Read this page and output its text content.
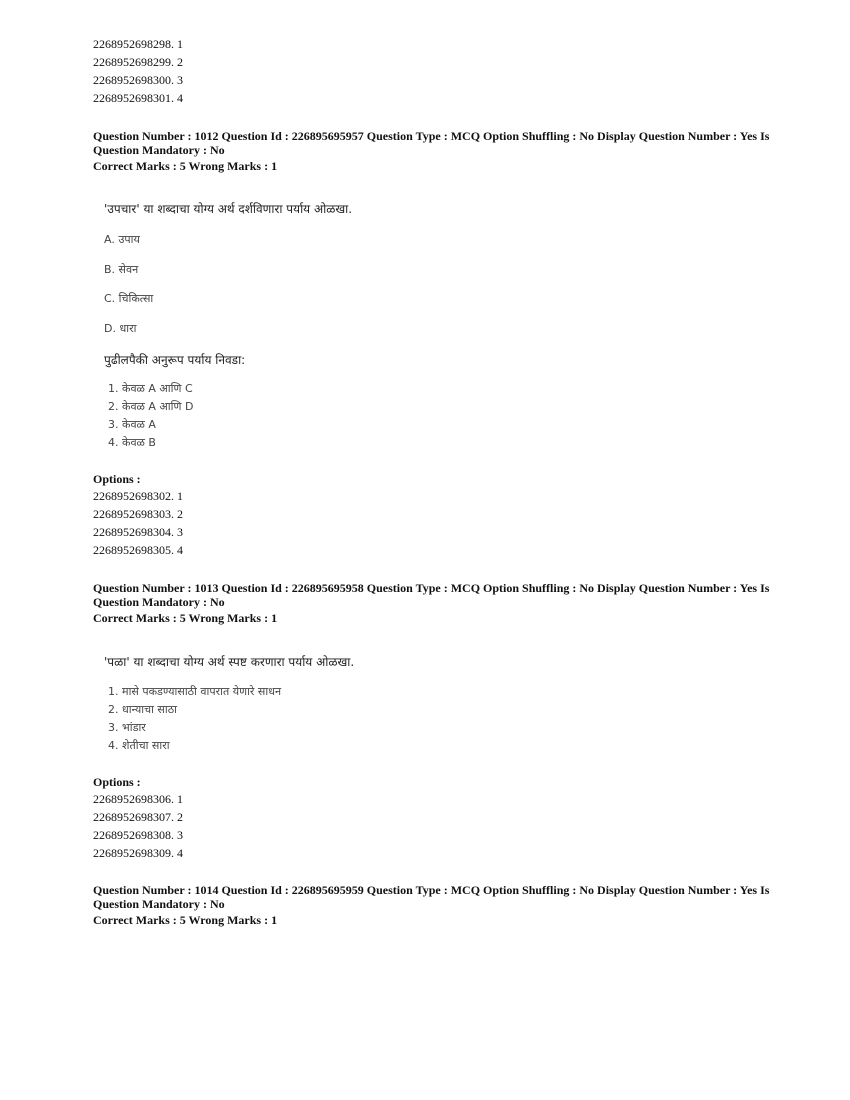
2268952698298. 1
2268952698299. 2
2268952698300. 3
2268952698301. 4
Question Number : 1012 Question Id : 226895695957 Question Type : MCQ Option Shuffling : No Display Question Number : Yes Is Question Mandatory : No
Correct Marks : 5 Wrong Marks : 1
'उपचार' या शब्दाचा योग्य अर्थ दर्शविणारा पर्याय ओळखा.
A. उपाय
B. सेवन
C. चिकित्सा
D. धारा
पुढीलपैकी अनुरूप पर्याय निवडा:
1. केवळ A आणि C
2. केवळ A आणि D
3. केवळ A
4. केवळ B
Options :
2268952698302. 1
2268952698303. 2
2268952698304. 3
2268952698305. 4
Question Number : 1013 Question Id : 226895695958 Question Type : MCQ Option Shuffling : No Display Question Number : Yes Is Question Mandatory : No
Correct Marks : 5 Wrong Marks : 1
'पळा' या शब्दाचा योग्य अर्थ स्पष्ट करणारा पर्याय ओळखा.
1. मासे पकडण्यासाठी वापरात येणारे साधन
2. धान्याचा साठा
3. भांडार
4. शेतीचा सारा
Options :
2268952698306. 1
2268952698307. 2
2268952698308. 3
2268952698309. 4
Question Number : 1014 Question Id : 226895695959 Question Type : MCQ Option Shuffling : No Display Question Number : Yes Is Question Mandatory : No
Correct Marks : 5 Wrong Marks : 1
